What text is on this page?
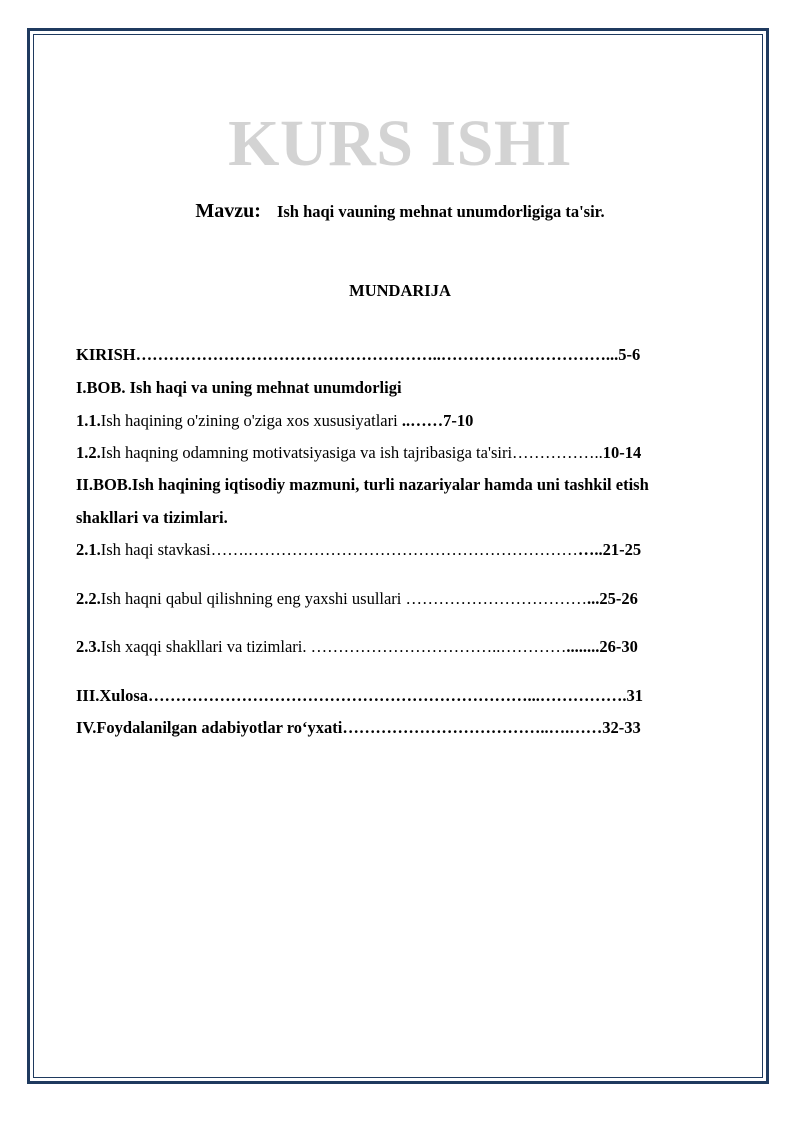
KURS ISHI
Mavzu: Ish haqi vauning mehnat unumdorligiga ta'sir.
MUNDARIJA
KIRISH………………………………………………..…………………………...5-6
I.BOB. Ish haqi va uning mehnat unumdorligi
1.1.Ish haqining o'zining o'ziga xos xususiyatlari ..……7-10
1.2.Ish haqning odamning motivatsiyasiga va ish tajribasiga ta'siri……………..10-14
II.BOB.Ish haqining iqtisodiy mazmuni, turli nazariyalar hamda uni tashkil etish
shakllari va tizimlari.
2.1.Ish haqi stavkasi…….………………………………………………………..21-25
2.2.Ish haqni qabul qilishning eng yaxshi usullari ……………………………...25-26
2.3.Ish xaqqi shakllari va tizimlari. ……………………………..…………........26-30
III.Xulosa……………………………………………………………...…………….31
IV.Foydalanilgan adabiyotlar ro‘yxati………………………………..….……32-33
